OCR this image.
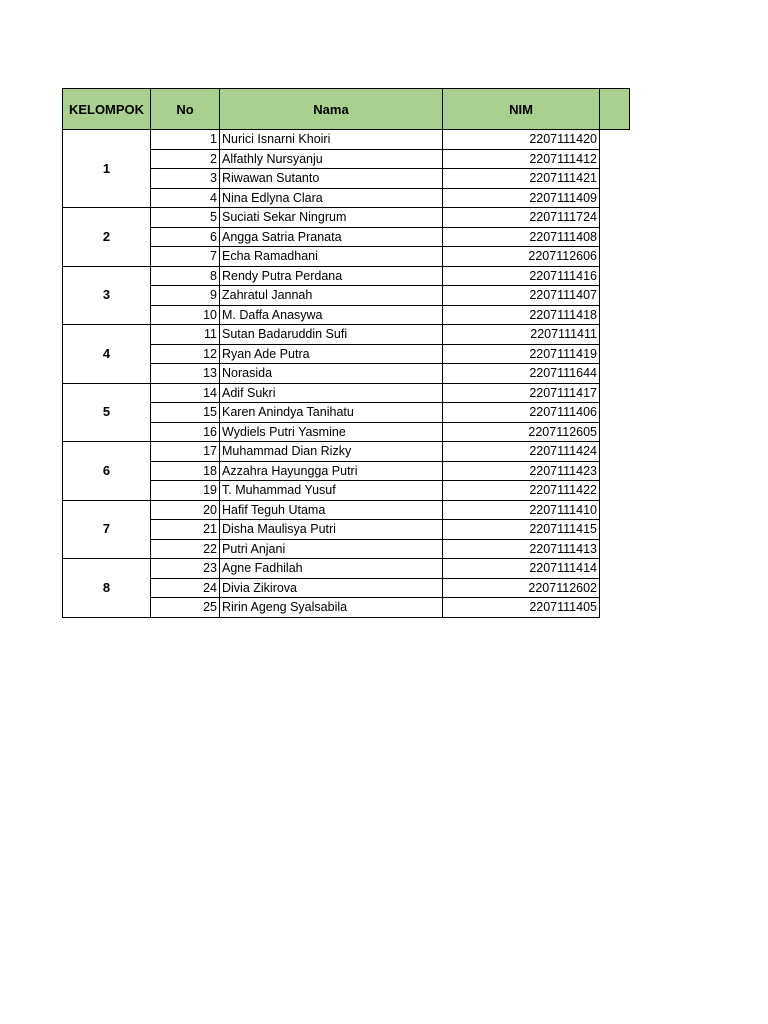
KELOMPOK	No	Nama	NIM	
1	1	Nurici Isnarni Khoiri	2207111420	
	2	Alfathly Nursyanju	2207111412	
	3	Riwawan Sutanto	2207111421	
	4	Nina Edlyna Clara	2207111409	
2	5	Suciati Sekar Ningrum	2207111724	
	6	Angga Satria Pranata	2207111408	
	7	Echa Ramadhani	2207112606	
3	8	Rendy Putra Perdana	2207111416	
	9	Zahratul Jannah	2207111407	
	10	M. Daffa Anasywa	2207111418	
4	11	Sutan Badaruddin Sufi	2207111411	
	12	Ryan Ade Putra	2207111419	
	13	Norasida	2207111644	
5	14	Adif Sukri	2207111417	
	15	Karen Anindya Tanihatu	2207111406	
	16	Wydiels Putri Yasmine	2207112605	
6	17	Muhammad Dian Rizky	2207111424	
	18	Azzahra Hayungga Putri	2207111423	
	19	T. Muhammad Yusuf	2207111422	
7	20	Hafif Teguh Utama	2207111410	
	21	Disha Maulisya Putri	2207111415	
	22	Putri Anjani	2207111413	
8	23	Agne Fadhilah	2207111414	
	24	Divia Zikirova	2207112602	
	25	Ririn Ageng Syalsabila	2207111405	
